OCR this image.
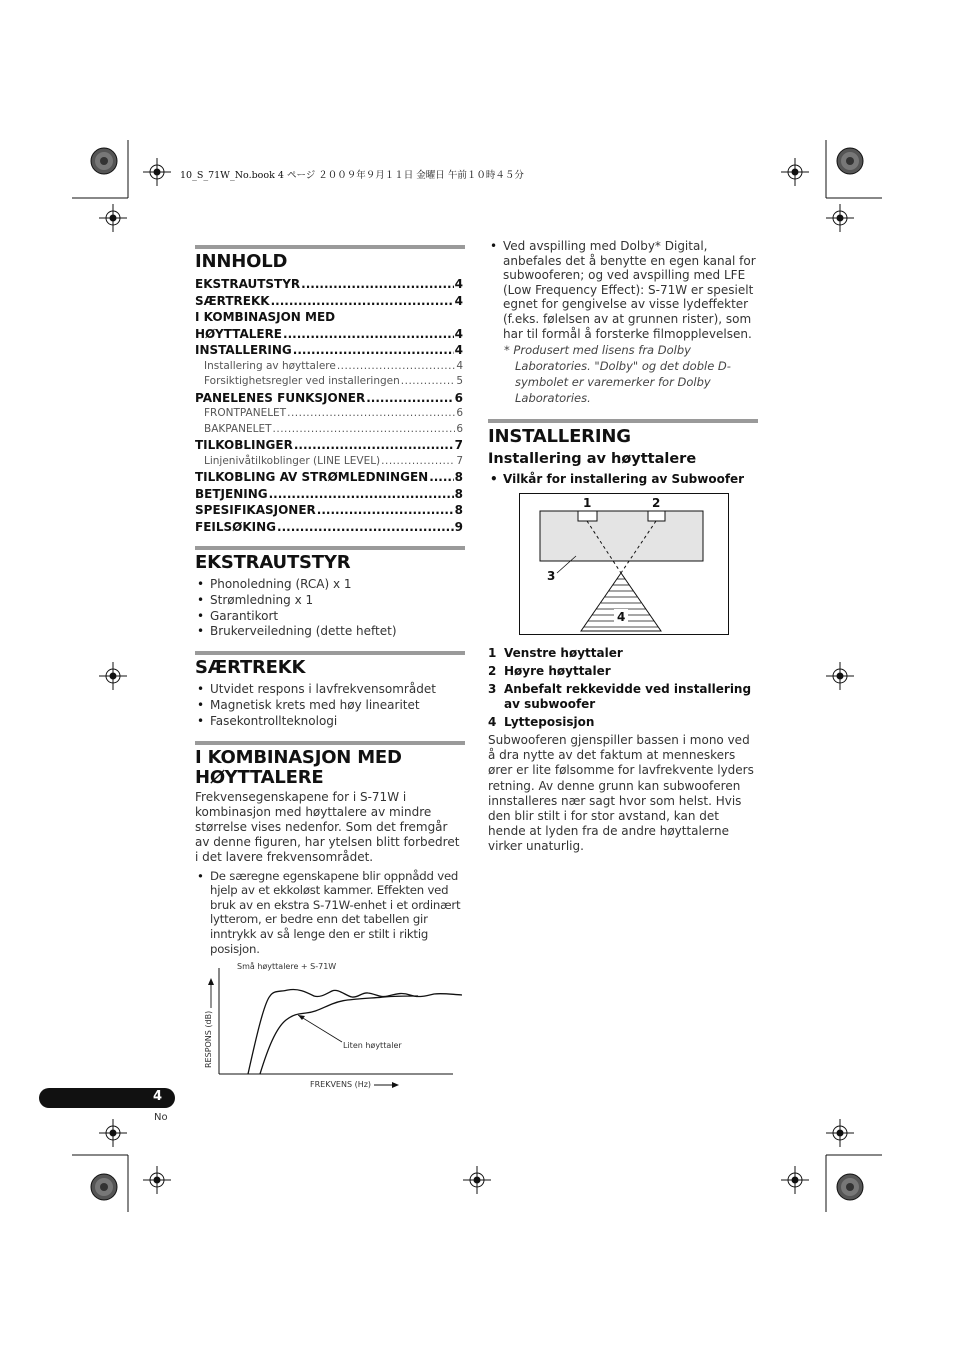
10_S_71W_No.book 4 ページ ２００９年９月１１日 金曜日 午前１０時４５分
INNHOLD
EKSTRAUTSTYR .....	4
SÆRTREKK .....	4
I KOMBINASJON MED
HØYTTALERE .....	4
INSTALLERING .....	4
Installering av høyttalere .....	4
Forsiktighetsregler ved installeringen .....	5
PANELENES FUNKSJONER .....	6
FRONTPANELET .....	6
BAKPANELET .....	6
TILKOBLINGER .....	7
Linjenivåtilkoblinger (LINE LEVEL) .....	7
TILKOBLING AV STRØMLEDNINGEN ..... 8
BETJENING .....	8
SPESIFIKASJONER .....	8
FEILSØKING .....	9
EKSTRAUTSTYR
• Phonoledning (RCA) x 1
• Strømledning x 1
• Garantikort
• Brukerveiledning (dette heftet)
SÆRTREKK
• Utvidet respons i lavfrekvensområdet
• Magnetisk krets med høy linearitet
• Fasekontrollteknologi
I KOMBINASJON MED
HØYTTALERE
Frekvensegenskapene for i S-71W i kombinasjon med høyttalere av mindre størrelse vises nedenfor. Som det fremgår av denne figuren, har ytelsen blitt forbedret i det lavere frekvensområdet.
• De særegne egenskapene blir oppnådd ved hjelp av et ekkoløst kammer. Effekten ved bruk av en ekstra S-71W-enhet i et ordinært lytterom, er bedre enn det tabellen gir inntrykk av så lenge den er stilt i riktig posisjon.
Små høyttalere + S-71W
Liten høyttaler
RESPONS (dB)
FREKVENS (Hz)
• Ved avspilling med Dolby* Digital, anbefales det å benytte en egen kanal for subwooferen; og ved avspilling med LFE (Low Frequency Effect): S-71W er spesielt egnet for gengivelse av visse lydeffekter (f.eks. følelsen av at grunnen rister), som har til formål å forsterke filmopplevelsen.
* Produsert med lisens fra Dolby Laboratories. "Dolby" og det doble D-symbolet er varemerker for Dolby Laboratories.
INSTALLERING
Installering av høyttalere
• Vilkår for installering av Subwoofer
4
1	2
3
1 Venstre høyttaler
2 Høyre høyttaler
3 Anbefalt rekkevidde ved installering av subwoofer
4 Lytteposisjon
Subwooferen gjenspiller bassen i mono ved å dra nytte av det faktum at menneskers ører er lite følsomme for lavfrekvente lyders retning. Av denne grunn kan subwooferen innstalleres nær sagt hvor som helst. Hvis den blir stilt i for stor avstand, kan det hende at lyden fra de andre høyttalerne virker unaturlig.
4
No
